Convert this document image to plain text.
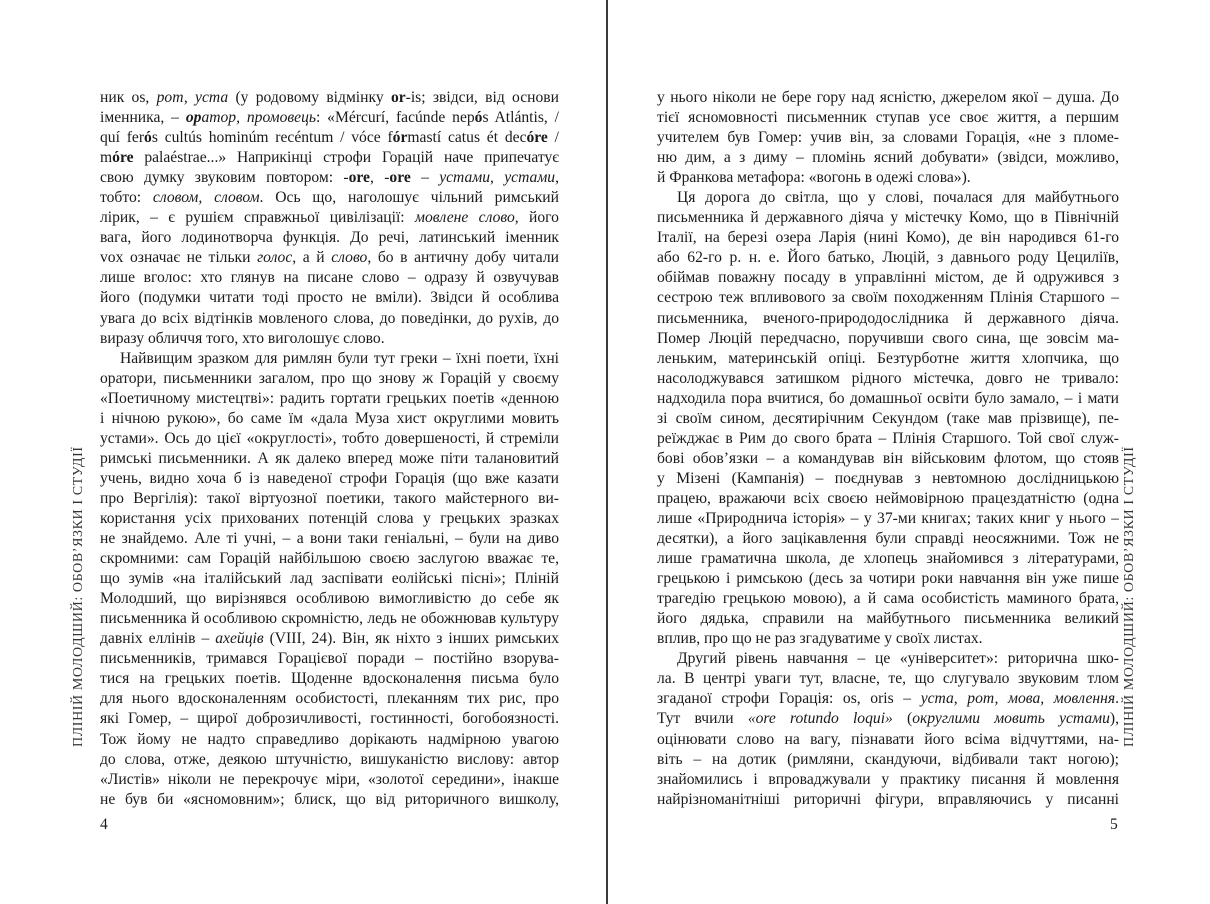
ПЛІНІЙ МОЛОДШИЙ: ОБОВ’ЯЗКИ І СТУДІЇ	ПЛІНІЙ МОЛОДШИЙ: ОБОВ’ЯЗКИ І СТУДІЇ
ник os, рот, уста (у родовому відмінку or-is; звідси, від основи
іменника, – оратор, промовець: «Mércurí, facúnde nepós Atlántis, /
quí ferós cultús hominúm recéntum / vóce fórmastí catus ét decóre /
móre palaéstrae...» Наприкінці строфи Горацій наче припечатує
свою думку звуковим повтором: -ore, -ore – устами, устами,
тобто: словом, словом. Ось що, наголошує чільний римський
лірик, – є рушієм справжньої цивілізації: мовлене слово, його
вага, його лодинотворча функція. До речі, латинський іменник
vox означає не тільки голос, а й слово, бо в античну добу читали
лише вголос: хто глянув на писане слово – одразу й озвучував
його (подумки читати тоді просто не вміли). Звідси й особлива
увага до всіх відтінків мовленого слова, до поведінки, до рухів, до
виразу обличчя того, хто виголошує слово.
Найвищим зразком для римлян були тут греки – їхні поети, їхні
оратори, письменники загалом, про що знову ж Горацій у своєму
«Поетичному мистецтві»: радить гортати грецьких поетів «денною
і нічною рукою», бо саме їм «дала Муза хист округлими мовить
устами». Ось до цієї «округлості», тобто довершеності, й стреміли
римські письменники. А як далеко вперед може піти талановитий
учень, видно хоча б із наведеної строфи Горація (що вже казати
про Вергілія): такої віртуозної поетики, такого майстерного ви-
користання усіх прихованих потенцій слова у грецьких зразках
не знайдемо. Але ті учні, – а вони таки геніальні, – були на диво
скромними: сам Горацій найбільшою своєю заслугою вважає те,
що зумів «на італійський лад заспівати еолійські пісні»; Пліній
Молодший, що вирізнявся особливою вимогливістю до себе як
письменника й особливою скромністю, ледь не обожнював культуру
давніх еллінів – ахейців (VIII, 24). Він, як ніхто з інших римських
письменників, тримався Горацієвої поради – постійно взорува-
тися на грецьких поетів. Щоденне вдосконалення письма було
для нього вдосконаленням особистості, плеканням тих рис, про
які Гомер, – щирої доброзичливості, гостинності, богобоязності.
Тож йому не надто справедливо дорікають надмірною увагою
до слова, отже, деякою штучністю, вишуканістю вислову: автор
«Листів» ніколи не перекрочує міри, «золотої середини», інакше
не був би «ясномовним»; блиск, що від риторичного вишколу,
у нього ніколи не бере гору над ясністю, джерелом якої – душа. До
тієї ясномовності письменник ступав усе своє життя, а першим
учителем був Гомер: учив він, за словами Горація, «не з пломе-
ню дим, а з диму – пломінь ясний добувати» (звідси, можливо,
й Франкова метафора: «вогонь в одежі слова»).
Ця дорога до світла, що у слові, почалася для майбутнього
письменника й державного діяча у містечку Комо, що в Північній
Італії, на березі озера Ларія (нині Комо), де він народився 61-го
або 62-го р. н. е. Його батько, Люцій, з давнього роду Цециліїв,
обіймав поважну посаду в управлінні містом, де й одружився з
сестрою теж впливового за своїм походженням Плінія Старшого –
письменника, вченого-природодослідника й державного діяча.
Помер Люцій передчасно, поручивши свого сина, ще зовсім ма-
леньким, материнській опіці. Безтурботне життя хлопчика, що
насолоджувався затишком рідного містечка, довго не тривало:
надходила пора вчитися, бо домашньої освіти було замало, – і мати
зі своїм сином, десятирічним Секундом (таке мав прізвище), пе-
реїжджає в Рим до свого брата – Плінія Старшого. Той свої служ-
бові обов’язки – а командував він військовим флотом, що стояв
у Мізені (Кампанія) – поєднував з невтомною дослідницькою
працею, вражаючи всіх своєю неймовірною працездатністю (одна
лише «Природнича історія» – у 37-ми книгах; таких книг у нього –
десятки), а його зацікавлення були справді неосяжними. Тож не
лише граматична школа, де хлопець знайомився з літературами,
грецькою і римською (десь за чотири роки навчання він уже пише
трагедію грецькою мовою), а й сама особистість маминого брата,
його дядька, справили на майбутнього письменника великий
вплив, про що не раз згадуватиме у своїх листах.
Другий рівень навчання – це «університет»: риторична шко-
ла. В центрі уваги тут, власне, те, що слугувало звуковим тлом
згаданої строфи Горація: os, oris – уста, рот, мова, мовлення.
Тут вчили «ore rotundo loqui» (округлими мовить устами),
оцінювати слово на вагу, пізнавати його всіма відчуттями, на-
віть – на дотик (римляни, скандуючи, відбивали такт ногою);
знайомились і впроваджували у практику писання й мовлення
найрізноманітніші риторичні фігури, вправляючись у писанні
4	5
